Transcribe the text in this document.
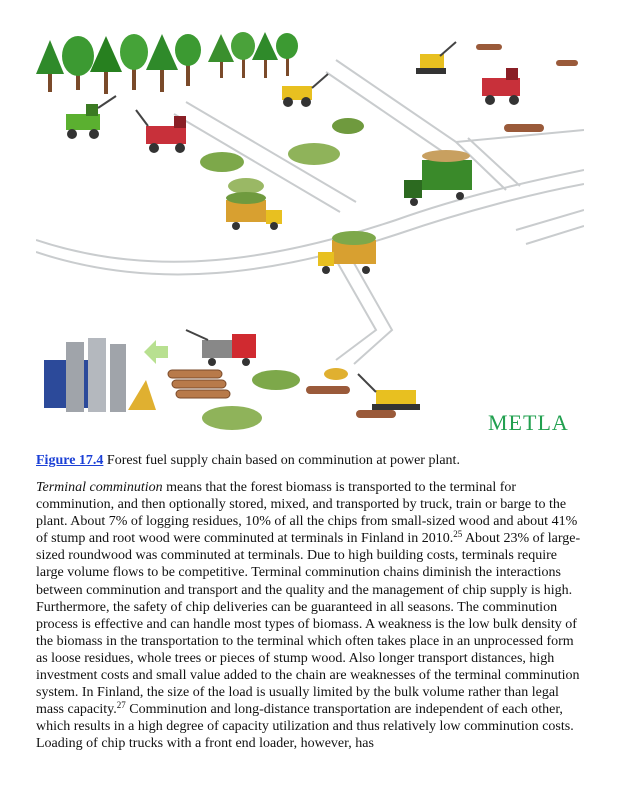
METLA

Figure 17.4 Forest fuel supply chain based on comminution at power plant.

Terminal comminution means that the forest biomass is transported to the terminal for comminution, and then optionally stored, mixed, and transported by truck, train or barge to the plant. About 7% of logging residues, 10% of all the chips from small-sized wood and about 41% of stump and root wood were comminuted at terminals in Finland in 2010.25 About 23% of large-sized roundwood was comminuted at terminals. Due to high building costs, terminals require large volume flows to be competitive. Terminal comminution chains diminish the interactions between comminution and transport and the quality and the management of chip supply is high. Furthermore, the safety of chip deliveries can be guaranteed in all seasons. The comminution process is effective and can handle most types of biomass. A weakness is the low bulk density of the biomass in the transportation to the terminal which often takes place in an unprocessed form as loose residues, whole trees or pieces of stump wood. Also longer transport distances, high investment costs and small value added to the chain are weaknesses of the terminal comminution system. In Finland, the size of the load is usually limited by the bulk volume rather than legal mass capacity.$^{27}$ Comminution and long-distance transportation are independent of each other, which results in a high degree of capacity utilization and thus relatively low comminution costs. Loading of chip trucks with a front end loader, however, has
